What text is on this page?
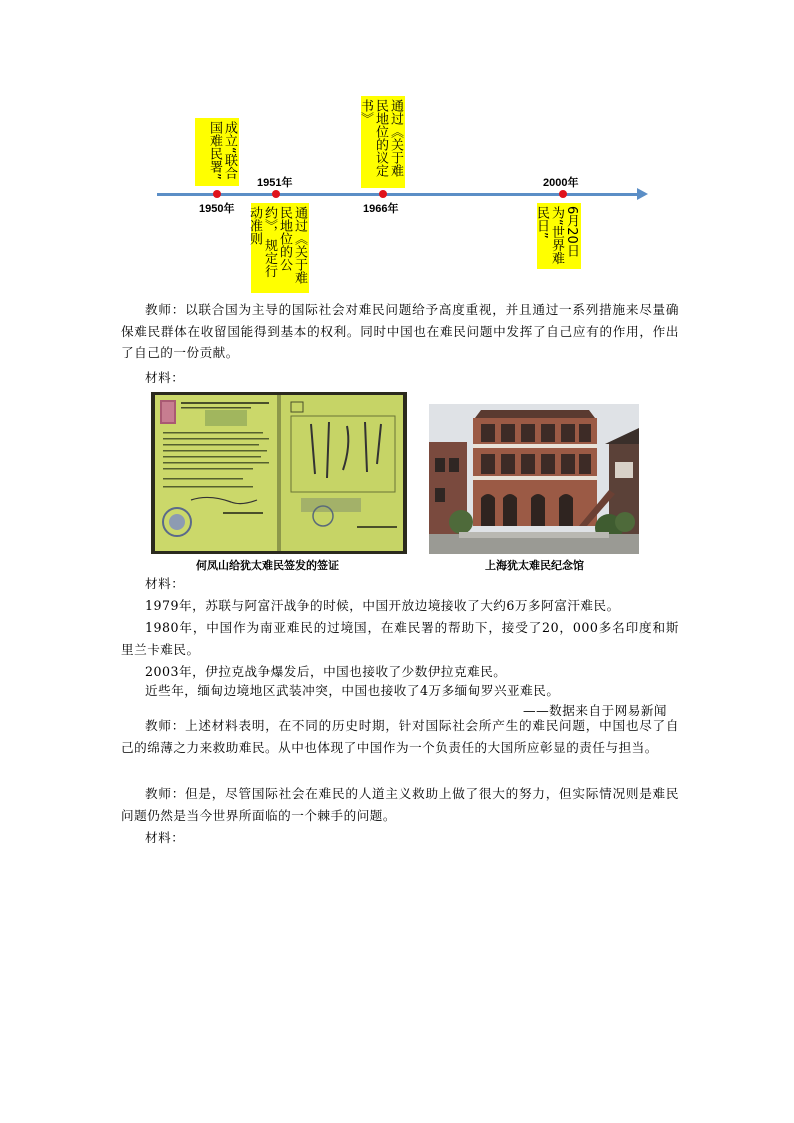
成立“联合国难民署”	通过《关于难民地位的议定书》
1951年	2000年
1950年	1966年
通过《关于难民地位的公约》，规定行动准则	6月20日为“世界难民日”
教师：以联合国为主导的国际社会对难民问题给予高度重视，并且通过一系列措施来尽量确保难民群体在收留国能得到基本的权利。同时中国也在难民问题中发挥了自己应有的作用，作出了自己的一份贡献。
材料：
何凤山给犹太难民签发的签证	上海犹太难民纪念馆
材料：
1979年，苏联与阿富汗战争的时候，中国开放边境接收了大约6万多阿富汗难民。
1980年，中国作为南亚难民的过境国，在难民署的帮助下，接受了20，000多名印度和斯里兰卡难民。
2003年，伊拉克战争爆发后，中国也接收了少数伊拉克难民。
近些年，缅甸边境地区武装冲突，中国也接收了4万多缅甸罗兴亚难民。
——数据来自于网易新闻
教师：上述材料表明，在不同的历史时期，针对国际社会所产生的难民问题，中国也尽了自己的绵薄之力来救助难民。从中也体现了中国作为一个负责任的大国所应彰显的责任与担当。
教师：但是，尽管国际社会在难民的人道主义救助上做了很大的努力，但实际情况则是难民问题仍然是当今世界所面临的一个棘手的问题。
材料：
